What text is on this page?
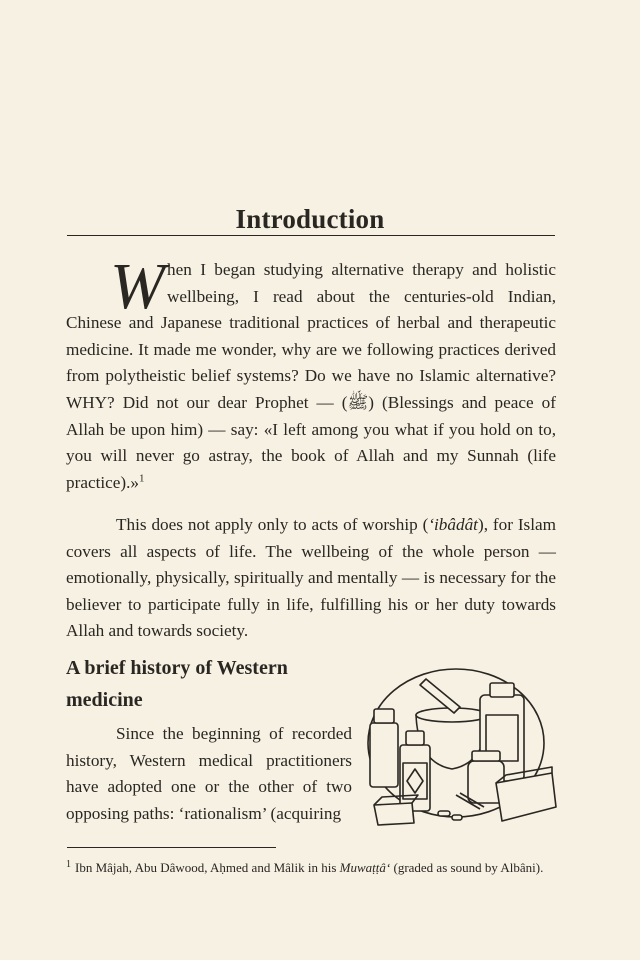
Introduction

When I began studying alternative therapy and holistic wellbeing, I read about the centuries-old Indian, Chinese and Japanese traditional practices of herbal and therapeutic medicine. It made me wonder, why are we following practices derived from polytheistic belief systems? Do we have no Islamic alternative? WHY? Did not our dear Prophet — (ﷺ) (Blessings and peace of Allah be upon him) — say: «I left among you what if you hold on to, you will never go astray, the book of Allah and my Sunnah (life practice).»$^1$

This does not apply only to acts of worship (‘ibâdât), for Islam covers all aspects of life. The wellbeing of the whole person — emotionally, physically, spiritually and mentally — is necessary for the believer to participate fully in life, fulfilling his or her duty towards Allah and towards society.

A brief history of Western medicine

Since the beginning of recorded history, Western medical practitioners have adopted one or the other of two opposing paths: ‘rationalism’ (acquiring

$^1$ Ibn Mâjah, Abu Dâwood, Aḥmed and Mâlik in his Muwaṭṭâ‘ (graded as sound by Albâni).
